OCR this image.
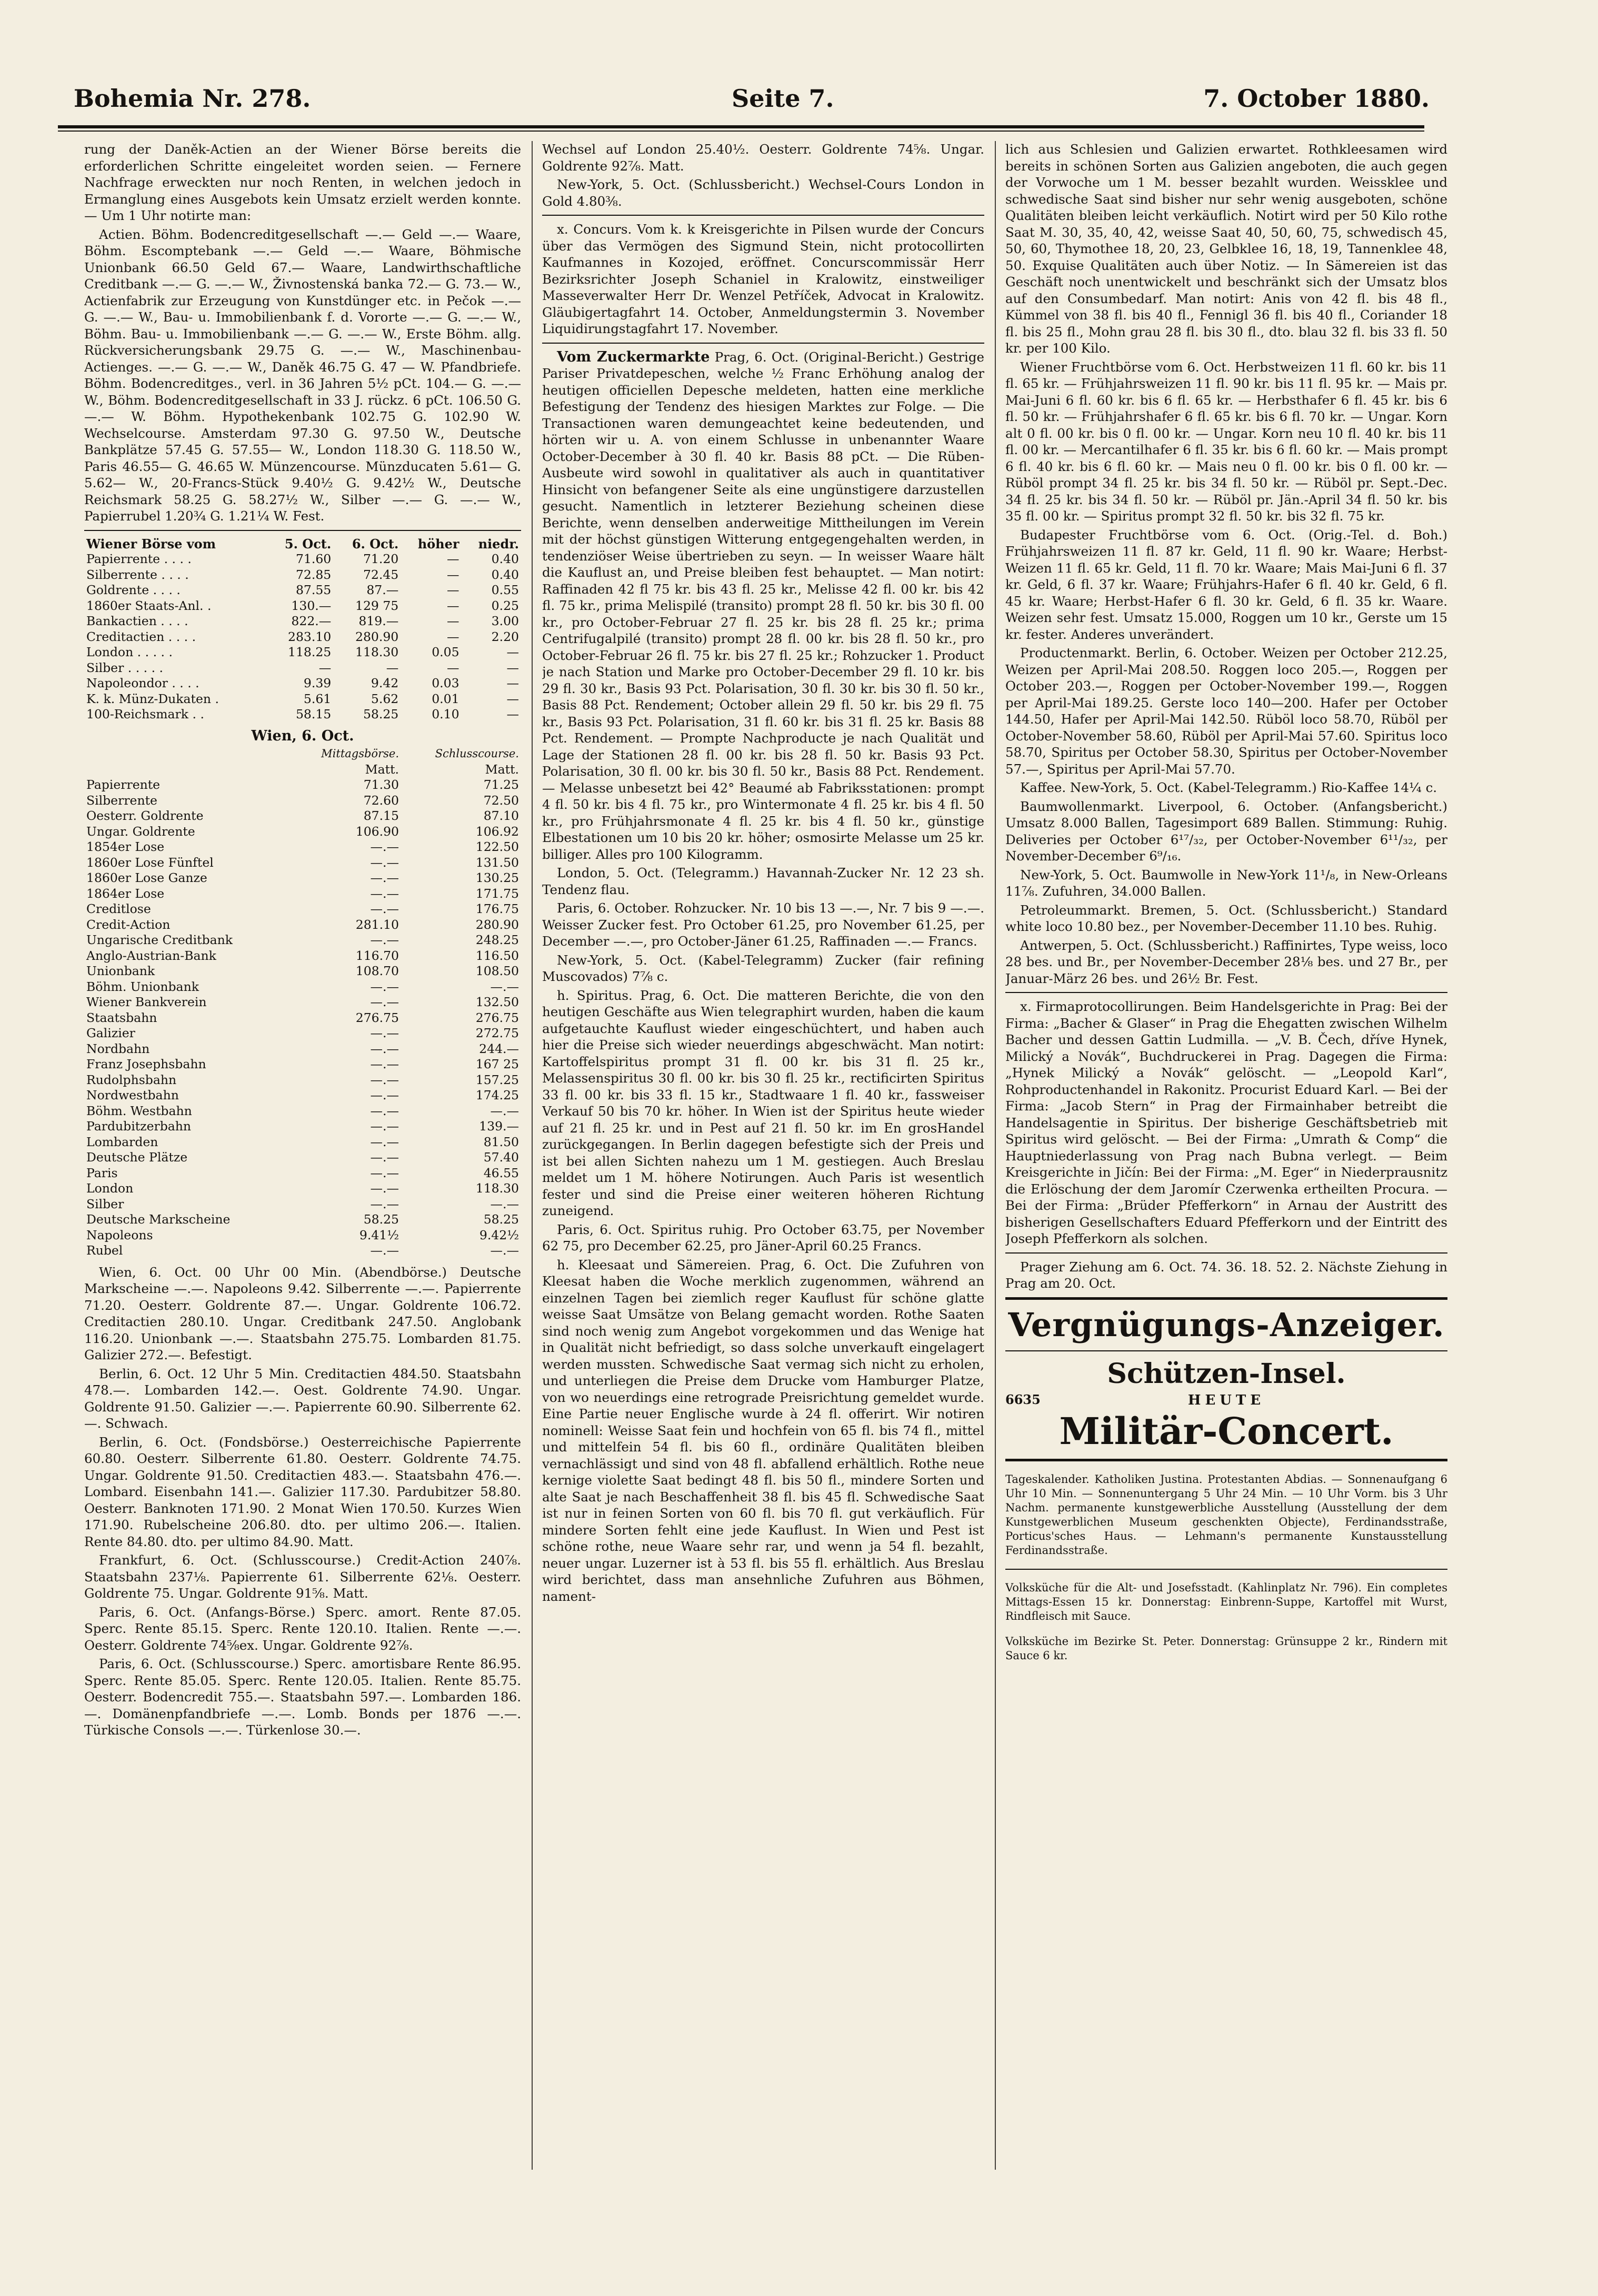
Bohemia Nr. 278.	Seite 7.	7. October 1880.

rung der Daněk-Actien an der Wiener Börse bereits die erforderlichen Schritte eingeleitet worden seien. — Fernere Nachfrage erweckten nur noch Renten, in welchen jedoch in Ermanglung eines Ausgebots kein Umsatz erzielt werden konnte. — Um 1 Uhr notirte man:

Actien. Böhm. Bodencreditgesellschaft —.— Geld —.— Waare, Böhm. Escomptebank —.— Geld —.— Waare, Böhmische Unionbank 66.50 Geld 67.— Waare, Landwirthschaftliche Creditbank —.— G. —.— W., Živnostenská banka 72.— G. 73.— W., Actienfabrik zur Erzeugung von Kunstdünger etc. in Pečok —.— G. —.— W., Bau- u. Immobilienbank f. d. Vororte —.— G. —.— W., Böhm. Bau- u. Immobilienbank —.— G. —.— W., Erste Böhm. allg. Rückversicherungsbank 29.75 G. —.— W., Maschinenbau-Actienges. —.— G. —.— W., Daněk 46.75 G. 47 — W. Pfandbriefe. Böhm. Bodencreditges., verl. in 36 Jahren 5½ pCt. 104.— G. —.— W., Böhm. Bodencreditgesellschaft in 33 J. rückz. 6 pCt. 106.50 G. —.— W. Böhm. Hypothekenbank 102.75 G. 102.90 W. Wechselcourse. Amsterdam 97.30 G. 97.50 W., Deutsche Bankplätze 57.45 G. 57.55— W., London 118.30 G. 118.50 W., Paris 46.55— G. 46.65 W. Münzencourse. Münzducaten 5.61— G. 5.62— W., 20-Francs-Stück 9.40½ G. 9.42½ W., Deutsche Reichsmark 58.25 G. 58.27½ W., Silber —.— G. —.— W., Papierrubel 1.20¾ G. 1.21¼ W. Fest.

Wiener Börse vom	5. Oct.	6. Oct.	höher	niedr.
Papierrente . . . .	71.60	71.20	—	0.40
Silberrente . . . .	72.85	72.45	—	0.40
Goldrente . . . .	87.55	87.—	—	0.55
1860er Staats-Anl. .	130.—	129 75	—	0.25
Bankactien . . . .	822.—	819.—	—	3.00
Creditactien . . . .	283.10	280.90	—	2.20
London . . . . .	118.25	118.30	0.05	—
Silber . . . . .	—	—	—	—
Napoleondor . . . .	9.39	9.42	0.03	—
K. k. Münz-Dukaten .	5.61	5.62	0.01	—
100-Reichsmark . .	58.15	58.25	0.10	—
Wien, 6. Oct.
	Mittagsbörse.	Schlusscourse.
	Matt.	Matt.
Papierrente	71.30	71.25
Silberrente	72.60	72.50
Oesterr. Goldrente	87.15	87.10
Ungar. Goldrente	106.90	106.92
1854er Lose	—.—	122.50
1860er Lose Fünftel	—.—	131.50
1860er Lose Ganze	—.—	130.25
1864er Lose	—.—	171.75
Creditlose	—.—	176.75
Credit-Action	281.10	280.90
Ungarische Creditbank	—.—	248.25
Anglo-Austrian-Bank	116.70	116.50
Unionbank	108.70	108.50
Böhm. Unionbank	—.—	—.—
Wiener Bankverein	—.—	132.50
Staatsbahn	276.75	276.75
Galizier	—.—	272.75
Nordbahn	—.—	244.—
Franz Josephsbahn	—.—	167 25
Rudolphsbahn	—.—	157.25
Nordwestbahn	—.—	174.25
Böhm. Westbahn	—.—	—.—
Pardubitzerbahn	—.—	139.—
Lombarden	—.—	81.50
Deutsche Plätze	—.—	57.40
Paris	—.—	46.55
London	—.—	118.30
Silber	—.—	—.—
Deutsche Markscheine	58.25	58.25
Napoleons	9.41½	9.42½
Rubel	—.—	—.—

Wien, 6. Oct. 00 Uhr 00 Min. (Abendbörse.) Deutsche Markscheine —.—. Napoleons 9.42. Silberrente —.—. Papierrente 71.20. Oesterr. Goldrente 87.—. Ungar. Goldrente 106.72. Creditactien 280.10. Ungar. Creditbank 247.50. Anglobank 116.20. Unionbank —.—. Staatsbahn 275.75. Lombarden 81.75. Galizier 272.—. Befestigt.

Berlin, 6. Oct. 12 Uhr 5 Min. Creditactien 484.50. Staatsbahn 478.—. Lombarden 142.—. Oest. Goldrente 74.90. Ungar. Goldrente 91.50. Galizier —.—. Papierrente 60.90. Silberrente 62.—. Schwach.

Berlin, 6. Oct. (Fondsbörse.) Oesterreichische Papierrente 60.80. Oesterr. Silberrente 61.80. Oesterr. Goldrente 74.75. Ungar. Goldrente 91.50. Creditactien 483.—. Staatsbahn 476.—. Lombard. Eisenbahn 141.—. Galizier 117.30. Pardubitzer 58.80. Oesterr. Banknoten 171.90. 2 Monat Wien 170.50. Kurzes Wien 171.90. Rubelscheine 206.80. dto. per ultimo 206.—. Italien. Rente 84.80. dto. per ultimo 84.90. Matt.

Frankfurt, 6. Oct. (Schlusscourse.) Credit-Action 240⅞. Staatsbahn 237⅛. Papierrente 61. Silberrente 62⅛. Oesterr. Goldrente 75. Ungar. Goldrente 91⅝. Matt.

Paris, 6. Oct. (Anfangs-Börse.) Sperc. amort. Rente 87.05. Sperc. Rente 85.15. Sperc. Rente 120.10. Italien. Rente —.—. Oesterr. Goldrente 74⅝ex. Ungar. Goldrente 92⅞.

Paris, 6. Oct. (Schlusscourse.) Sperc. amortisbare Rente 86.95. Sperc. Rente 85.05. Sperc. Rente 120.05. Italien. Rente 85.75. Oesterr. Bodencredit 755.—. Staatsbahn 597.—. Lombarden 186.—. Domänenpfandbriefe —.—. Lomb. Bonds per 1876 —.—. Türkische Consols —.—. Türkenlose 30.—.

Wechsel auf London 25.40½. Oesterr. Goldrente 74⅝. Ungar. Goldrente 92⅞. Matt.

New-York, 5. Oct. (Schlussbericht.) Wechsel-Cours London in Gold 4.80⅜.

x. Concurs. Vom k. k Kreisgerichte in Pilsen wurde der Concurs über das Vermögen des Sigmund Stein, nicht protocollirten Kaufmannes in Kozojed, eröffnet. Concurscommissär Herr Bezirksrichter Joseph Schaniel in Kralowitz, einstweiliger Masseverwalter Herr Dr. Wenzel Petříček, Advocat in Kralowitz. Gläubigertagfahrt 14. October, Anmeldungstermin 3. November Liquidirungstagfahrt 17. November.

Vom Zuckermarkte Prag, 6. Oct. (Original-Bericht.) Gestrige Pariser Privatdepeschen, welche ½ Franc Erhöhung analog der heutigen officiellen Depesche meldeten, hatten eine merkliche Befestigung der Tendenz des hiesigen Marktes zur Folge. — Die Transactionen waren demungeachtet keine bedeutenden, und hörten wir u. A. von einem Schlusse in unbenannter Waare October-December à 30 fl. 40 kr. Basis 88 pCt. — Die Rüben-Ausbeute wird sowohl in qualitativer als auch in quantitativer Hinsicht von befangener Seite als eine ungünstigere darzustellen gesucht. Namentlich in letzterer Beziehung scheinen diese Berichte, wenn denselben anderweitige Mittheilungen im Verein mit der höchst günstigen Witterung entgegengehalten werden, in tendenziöser Weise übertrieben zu seyn. — In weisser Waare hält die Kauflust an, und Preise bleiben fest behauptet. — Man notirt: Raffinaden 42 fl 75 kr. bis 43 fl. 25 kr., Melisse 42 fl. 00 kr. bis 42 fl. 75 kr., prima Melispilé (transito) prompt 28 fl. 50 kr. bis 30 fl. 00 kr., pro October-Februar 27 fl. 25 kr. bis 28 fl. 25 kr.; prima Centrifugalpilé (transito) prompt 28 fl. 00 kr. bis 28 fl. 50 kr., pro October-Februar 26 fl. 75 kr. bis 27 fl. 25 kr.; Rohzucker 1. Product je nach Station und Marke pro October-December 29 fl. 10 kr. bis 29 fl. 30 kr., Basis 93 Pct. Polarisation, 30 fl. 30 kr. bis 30 fl. 50 kr., Basis 88 Pct. Rendement; October allein 29 fl. 50 kr. bis 29 fl. 75 kr., Basis 93 Pct. Polarisation, 31 fl. 60 kr. bis 31 fl. 25 kr. Basis 88 Pct. Rendement. — Prompte Nachproducte je nach Qualität und Lage der Stationen 28 fl. 00 kr. bis 28 fl. 50 kr. Basis 93 Pct. Polarisation, 30 fl. 00 kr. bis 30 fl. 50 kr., Basis 88 Pct. Rendement. — Melasse unbesetzt bei 42° Beaumé ab Fabriksstationen: prompt 4 fl. 50 kr. bis 4 fl. 75 kr., pro Wintermonate 4 fl. 25 kr. bis 4 fl. 50 kr., pro Frühjahrsmonate 4 fl. 25 kr. bis 4 fl. 50 kr., günstige Elbestationen um 10 bis 20 kr. höher; osmosirte Melasse um 25 kr. billiger. Alles pro 100 Kilogramm.

London, 5. Oct. (Telegramm.) Havannah-Zucker Nr. 12 23 sh. Tendenz flau.

Paris, 6. October. Rohzucker. Nr. 10 bis 13 —.—, Nr. 7 bis 9 —.—. Weisser Zucker fest. Pro October 61.25, pro November 61.25, per December —.—, pro October-Jäner 61.25, Raffinaden —.— Francs.

New-York, 5. Oct. (Kabel-Telegramm) Zucker (fair refining Muscovados) 7⅞ c.

h. Spiritus. Prag, 6. Oct. Die matteren Berichte, die von den heutigen Geschäfte aus Wien telegraphirt wurden, haben die kaum aufgetauchte Kauflust wieder eingeschüchtert, und haben auch hier die Preise sich wieder neuerdings abgeschwächt. Man notirt: Kartoffelspiritus prompt 31 fl. 00 kr. bis 31 fl. 25 kr., Melassenspiritus 30 fl. 00 kr. bis 30 fl. 25 kr., rectificirten Spiritus 33 fl. 00 kr. bis 33 fl. 15 kr., Stadtwaare 1 fl. 40 kr., fassweiser Verkauf 50 bis 70 kr. höher. In Wien ist der Spiritus heute wieder auf 21 fl. 25 kr. und in Pest auf 21 fl. 50 kr. im En grosHandel zurückgegangen. In Berlin dagegen befestigte sich der Preis und ist bei allen Sichten nahezu um 1 M. gestiegen. Auch Breslau meldet um 1 M. höhere Notirungen. Auch Paris ist wesentlich fester und sind die Preise einer weiteren höheren Richtung zuneigend.

Paris, 6. Oct. Spiritus ruhig. Pro October 63.75, per November 62 75, pro December 62.25, pro Jäner-April 60.25 Francs.

h. Kleesaat und Sämereien. Prag, 6. Oct. Die Zufuhren von Kleesat haben die Woche merklich zugenommen, während an einzelnen Tagen bei ziemlich reger Kauflust für schöne glatte weisse Saat Umsätze von Belang gemacht worden. Rothe Saaten sind noch wenig zum Angebot vorgekommen und das Wenige hat in Qualität nicht befriedigt, so dass solche unverkauft eingelagert werden mussten. Schwedische Saat vermag sich nicht zu erholen, und unterliegen die Preise dem Drucke vom Hamburger Platze, von wo neuerdings eine retrograde Preisrichtung gemeldet wurde. Eine Partie neuer Englische wurde à 24 fl. offerirt. Wir notiren nominell: Weisse Saat fein und hochfein von 65 fl. bis 74 fl., mittel und mittelfein 54 fl. bis 60 fl., ordinäre Qualitäten bleiben vernachlässigt und sind von 48 fl. abfallend erhältlich. Rothe neue kernige violette Saat bedingt 48 fl. bis 50 fl., mindere Sorten und alte Saat je nach Beschaffenheit 38 fl. bis 45 fl. Schwedische Saat ist nur in feinen Sorten von 60 fl. bis 70 fl. gut verkäuflich. Für mindere Sorten fehlt eine jede Kauflust. In Wien und Pest ist schöne rothe, neue Waare sehr rar, und wenn ja 54 fl. bezahlt, neuer ungar. Luzerner ist à 53 fl. bis 55 fl. erhältlich. Aus Breslau wird berichtet, dass man ansehnliche Zufuhren aus Böhmen, nament-

lich aus Schlesien und Galizien erwartet. Rothkleesamen wird bereits in schönen Sorten aus Galizien angeboten, die auch gegen der Vorwoche um 1 M. besser bezahlt wurden. Weissklee und schwedische Saat sind bisher nur sehr wenig ausgeboten, schöne Qualitäten bleiben leicht verkäuflich. Notirt wird per 50 Kilo rothe Saat M. 30, 35, 40, 42, weisse Saat 40, 50, 60, 75, schwedisch 45, 50, 60, Thymothee 18, 20, 23, Gelbklee 16, 18, 19, Tannenklee 48, 50. Exquise Qualitäten auch über Notiz. — In Sämereien ist das Geschäft noch unentwickelt und beschränkt sich der Umsatz blos auf den Consumbedarf. Man notirt: Anis von 42 fl. bis 48 fl., Kümmel von 38 fl. bis 40 fl., Fennigl 36 fl. bis 40 fl., Coriander 18 fl. bis 25 fl., Mohn grau 28 fl. bis 30 fl., dto. blau 32 fl. bis 33 fl. 50 kr. per 100 Kilo.

Wiener Fruchtbörse vom 6. Oct. Herbstweizen 11 fl. 60 kr. bis 11 fl. 65 kr. — Frühjahrsweizen 11 fl. 90 kr. bis 11 fl. 95 kr. — Mais pr. Mai-Juni 6 fl. 60 kr. bis 6 fl. 65 kr. — Herbsthafer 6 fl. 45 kr. bis 6 fl. 50 kr. — Frühjahrshafer 6 fl. 65 kr. bis 6 fl. 70 kr. — Ungar. Korn alt 0 fl. 00 kr. bis 0 fl. 00 kr. — Ungar. Korn neu 10 fl. 40 kr. bis 11 fl. 00 kr. — Mercantilhafer 6 fl. 35 kr. bis 6 fl. 60 kr. — Mais prompt 6 fl. 40 kr. bis 6 fl. 60 kr. — Mais neu 0 fl. 00 kr. bis 0 fl. 00 kr. — Rüböl prompt 34 fl. 25 kr. bis 34 fl. 50 kr. — Rüböl pr. Sept.-Dec. 34 fl. 25 kr. bis 34 fl. 50 kr. — Rüböl pr. Jän.-April 34 fl. 50 kr. bis 35 fl. 00 kr. — Spiritus prompt 32 fl. 50 kr. bis 32 fl. 75 kr.

Budapester Fruchtbörse vom 6. Oct. (Orig.-Tel. d. Boh.) Frühjahrsweizen 11 fl. 87 kr. Geld, 11 fl. 90 kr. Waare; Herbst-Weizen 11 fl. 65 kr. Geld, 11 fl. 70 kr. Waare; Mais Mai-Juni 6 fl. 37 kr. Geld, 6 fl. 37 kr. Waare; Frühjahrs-Hafer 6 fl. 40 kr. Geld, 6 fl. 45 kr. Waare; Herbst-Hafer 6 fl. 30 kr. Geld, 6 fl. 35 kr. Waare. Weizen sehr fest. Umsatz 15.000, Roggen um 10 kr., Gerste um 15 kr. fester. Anderes unverändert.

Productenmarkt. Berlin, 6. October. Weizen per October 212.25, Weizen per April-Mai 208.50. Roggen loco 205.—, Roggen per October 203.—, Roggen per October-November 199.—, Roggen per April-Mai 189.25. Gerste loco 140—200. Hafer per October 144.50, Hafer per April-Mai 142.50. Rüböl loco 58.70, Rüböl per October-November 58.60, Rüböl per April-Mai 57.60. Spiritus loco 58.70, Spiritus per October 58.30, Spiritus per October-November 57.—, Spiritus per April-Mai 57.70.

Kaffee. New-York, 5. Oct. (Kabel-Telegramm.) Rio-Kaffee 14¼ c.

Baumwollenmarkt. Liverpool, 6. October. (Anfangsbericht.) Umsatz 8.000 Ballen, Tagesimport 689 Ballen. Stimmung: Ruhig. Deliveries per October 6¹⁷/₃₂, per October-November 6¹¹/₃₂, per November-December 6⁹/₁₆.

New-York, 5. Oct. Baumwolle in New-York 11¹/₈, in New-Orleans 11⅞. Zufuhren, 34.000 Ballen.

Petroleummarkt. Bremen, 5. Oct. (Schlussbericht.) Standard white loco 10.80 bez., per November-December 11.10 bes. Ruhig.

Antwerpen, 5. Oct. (Schlussbericht.) Raffinirtes, Type weiss, loco 28 bes. und Br., per November-December 28⅛ bes. und 27 Br., per Januar-März 26 bes. und 26½ Br. Fest.

x. Firmaprotocollirungen. Beim Handelsgerichte in Prag: Bei der Firma: „Bacher & Glaser“ in Prag die Ehegatten zwischen Wilhelm Bacher und dessen Gattin Ludmilla. — „V. B. Čech, dříve Hynek, Milický a Novák“, Buchdruckerei in Prag. Dagegen die Firma: „Hynek Milický a Novák“ gelöscht. — „Leopold Karl“, Rohproductenhandel in Rakonitz. Procurist Eduard Karl. — Bei der Firma: „Jacob Stern“ in Prag der Firmainhaber betreibt die Handelsagentie in Spiritus. Der bisherige Geschäftsbetrieb mit Spiritus wird gelöscht. — Bei der Firma: „Umrath & Comp“ die Hauptniederlassung von Prag nach Bubna verlegt. — Beim Kreisgerichte in Jičín: Bei der Firma: „M. Eger“ in Niederprausnitz die Erlöschung der dem Jaromír Czerwenka ertheilten Procura. — Bei der Firma: „Brüder Pfefferkorn“ in Arnau der Austritt des bisherigen Gesellschafters Eduard Pfefferkorn und der Eintritt des Joseph Pfefferkorn als solchen.

Prager Ziehung am 6. Oct. 74. 36. 18. 52. 2. Nächste Ziehung in Prag am 20. Oct.

Vergnügungs-Anzeiger.
Schützen-Insel.
HEUTE
6635
Militär-Concert.

Tageskalender. Katholiken Justina. Protestanten Abdias. — Sonnenaufgang 6 Uhr 10 Min. — Sonnenuntergang 5 Uhr 24 Min. — 10 Uhr Vorm. bis 3 Uhr Nachm. permanente kunstgewerbliche Ausstellung (Ausstellung der dem Kunstgewerblichen Museum geschenkten Objecte), Ferdinandsstraße, Porticus'sches Haus. — Lehmann's permanente Kunstausstellung Ferdinandsstraße.

Volksküche für die Alt- und Josefsstadt. (Kahlinplatz Nr. 796). Ein completes Mittags-Essen 15 kr. Donnerstag: Einbrenn-Suppe, Kartoffel mit Wurst, Rindfleisch mit Sauce.

Volksküche im Bezirke St. Peter. Donnerstag: Grünsuppe 2 kr., Rindern mit Sauce 6 kr.
